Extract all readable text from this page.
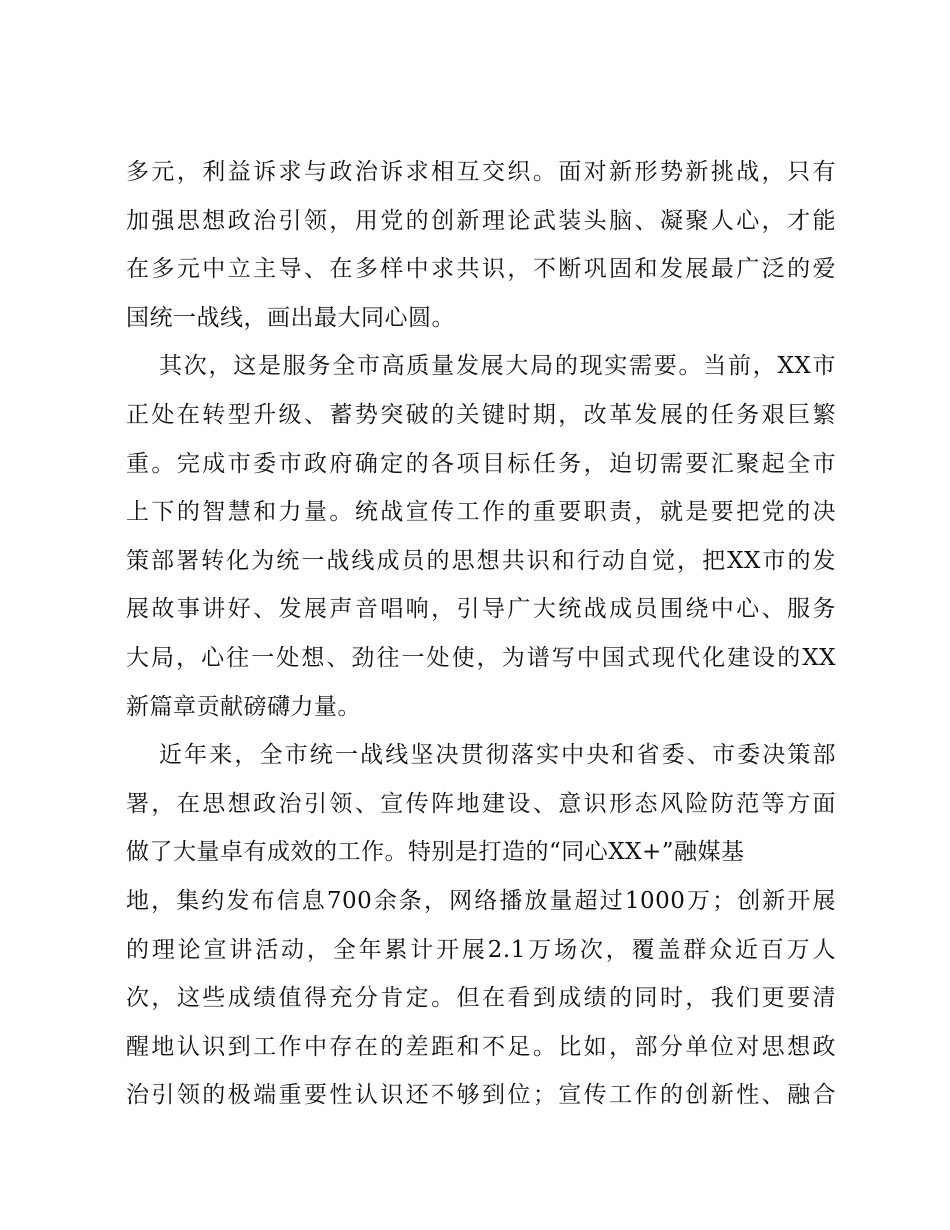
多元，利益诉求与政治诉求相互交织。面对新形势新挑战，只有
加强思想政治引领，用党的创新理论武装头脑、凝聚人心，才能
在多元中立主导、在多样中求共识，不断巩固和发展最广泛的爱
国统一战线，画出最大同心圆。
其次，这是服务全市高质量发展大局的现实需要。当前，XX市
正处在转型升级、蓄势突破的关键时期，改革发展的任务艰巨繁
重。完成市委市政府确定的各项目标任务，迫切需要汇聚起全市
上下的智慧和力量。统战宣传工作的重要职责，就是要把党的决
策部署转化为统一战线成员的思想共识和行动自觉，把XX市的发
展故事讲好、发展声音唱响，引导广大统战成员围绕中心、服务
大局，心往一处想、劲往一处使，为谱写中国式现代化建设的XX
新篇章贡献磅礴力量。
近年来，全市统一战线坚决贯彻落实中央和省委、市委决策部
署，在思想政治引领、宣传阵地建设、意识形态风险防范等方面
做了大量卓有成效的工作。特别是打造的“同心XX+”融媒基
地，集约发布信息700余条，网络播放量超过1000万；创新开展
的理论宣讲活动，全年累计开展2.1万场次，覆盖群众近百万人
次，这些成绩值得充分肯定。但在看到成绩的同时，我们更要清
醒地认识到工作中存在的差距和不足。比如，部分单位对思想政
治引领的极端重要性认识还不够到位；宣传工作的创新性、融合
